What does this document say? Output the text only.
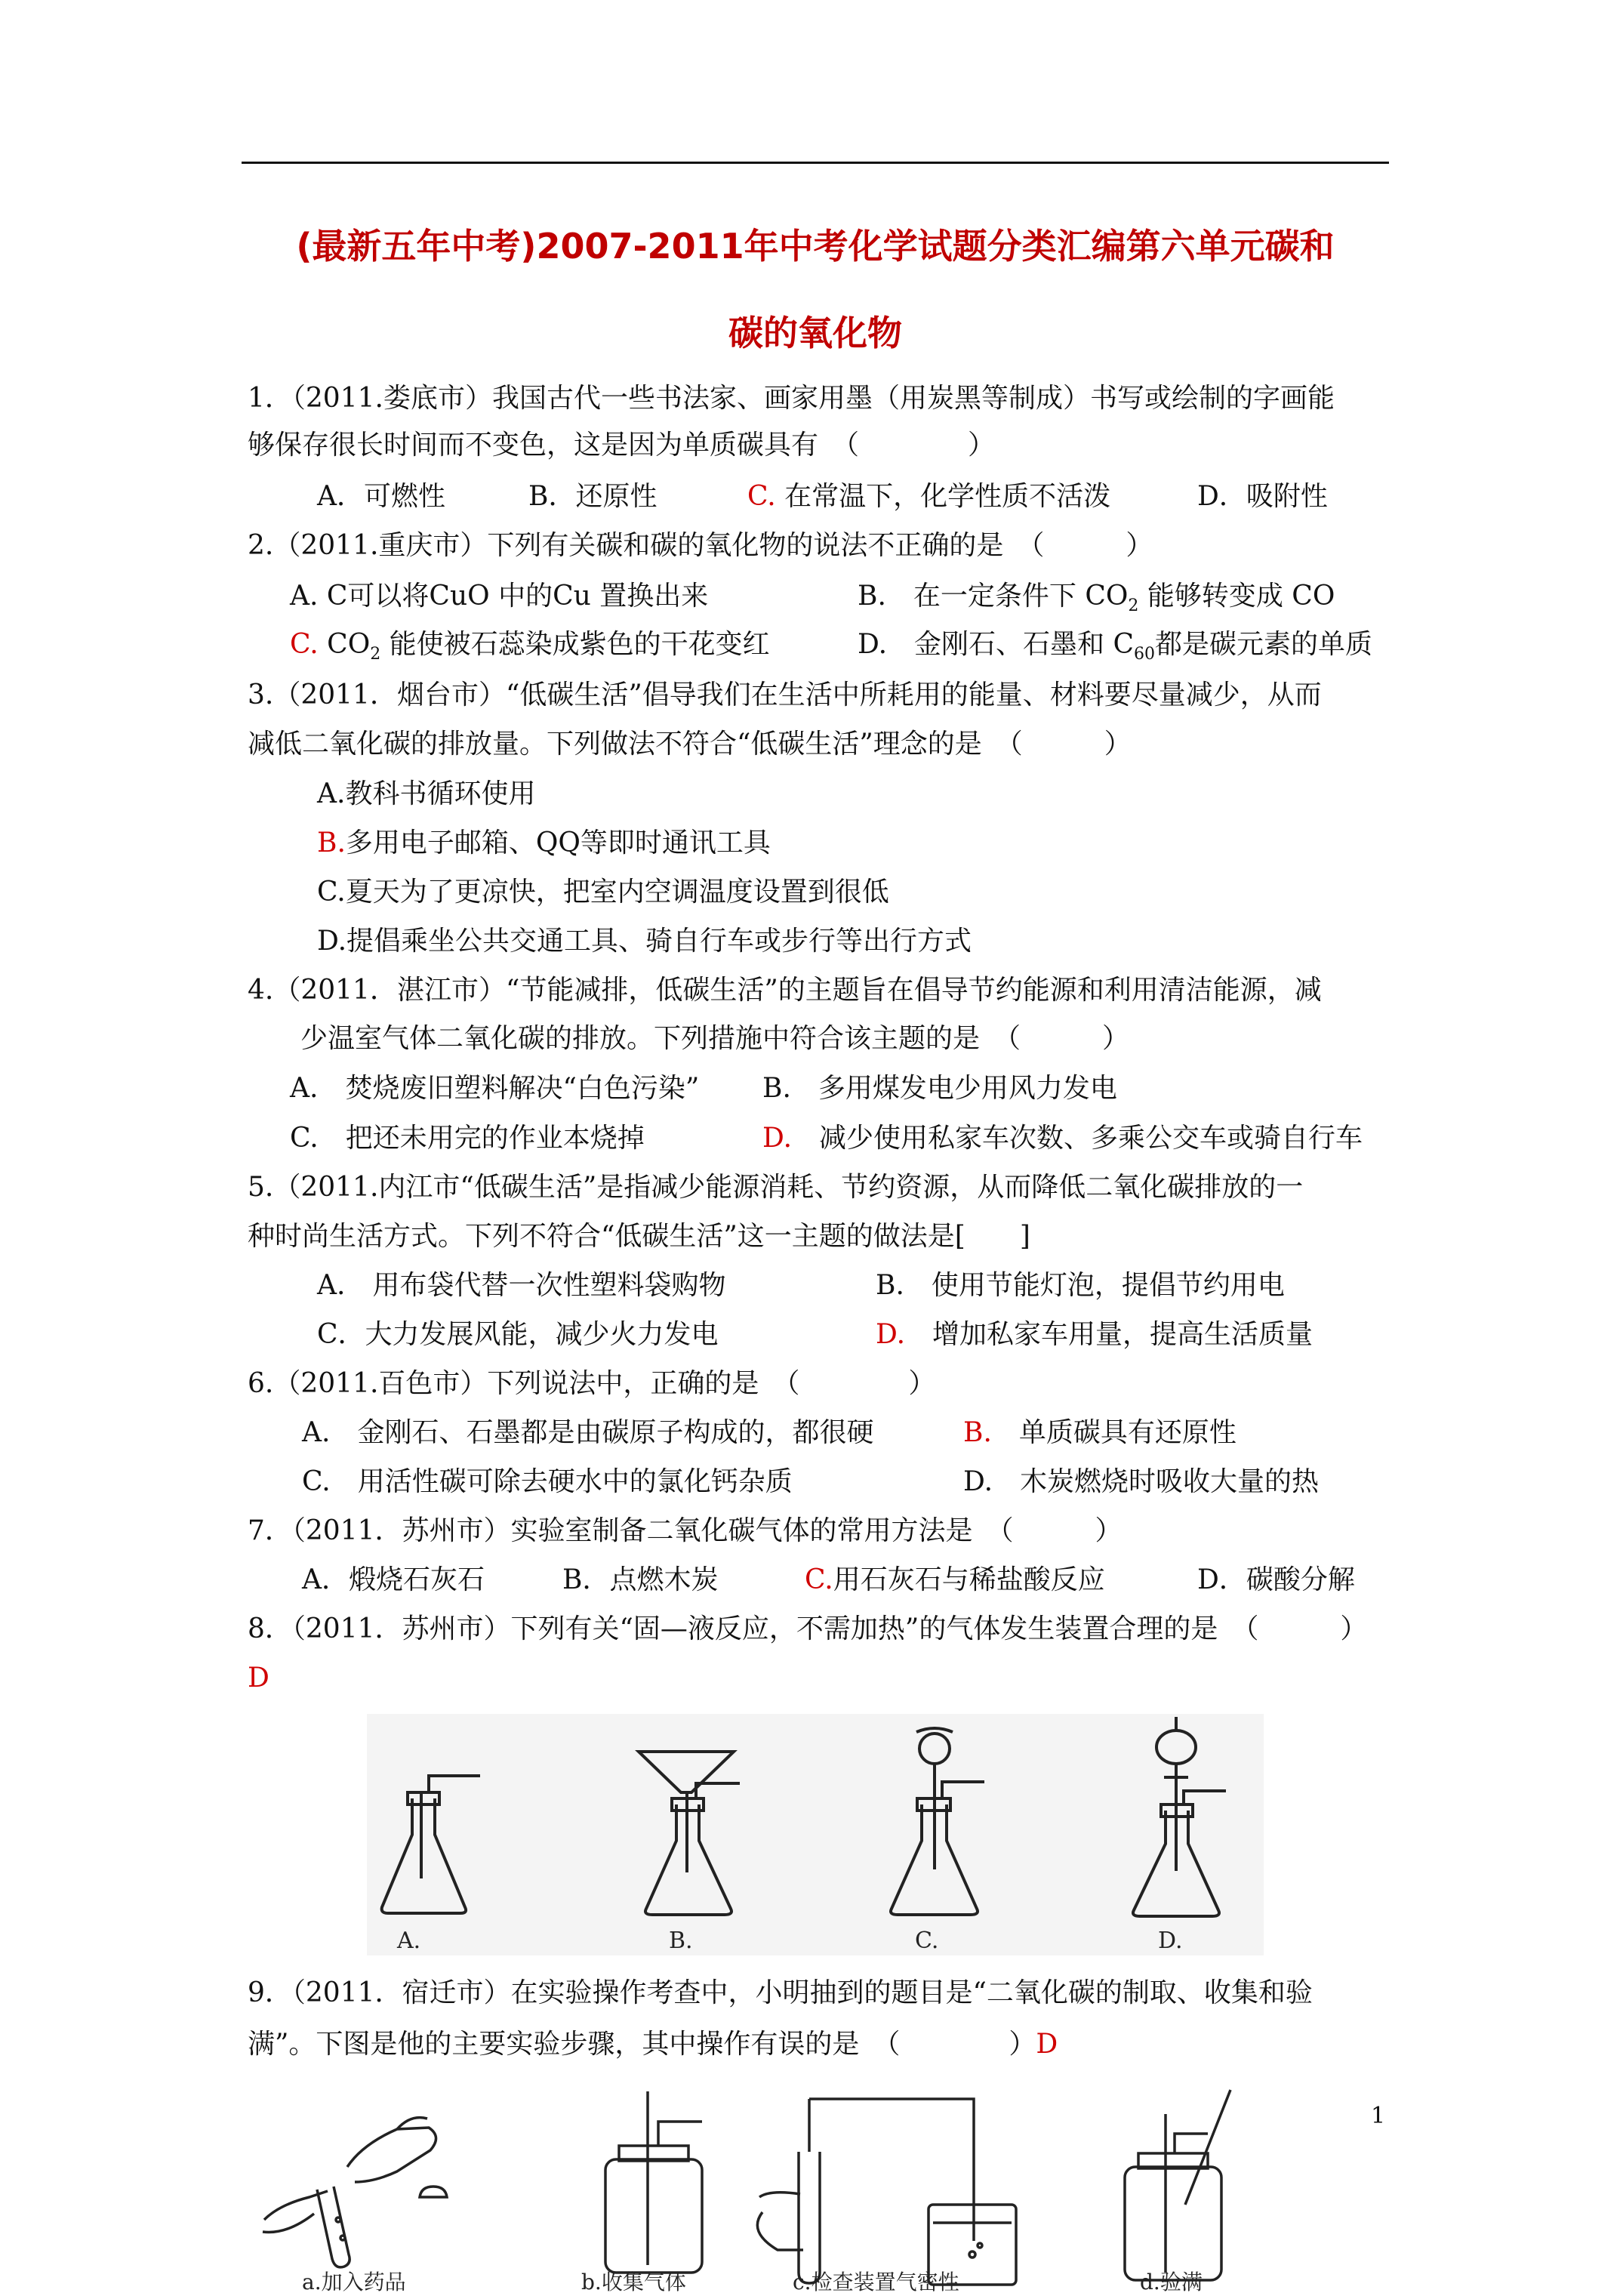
(最新五年中考)2007-2011年中考化学试题分类汇编第六单元碳和
碳的氧化物
1．（2011.娄底市）我国古代一些书法家、画家用墨（用炭黑等制成）书写或绘制的字画能
够保存很长时间而不变色，这是因为单质碳具有　（　　　　）
A．可燃性	B．还原性	C. 在常温下，化学性质不活泼	D．吸附性
2.（2011.重庆市）下列有关碳和碳的氧化物的说法不正确的是　（　　　）
A. C可以将CuO 中的Cu 置换出来	B.　在一定条件下 $CO_2$ 能够转变成 CO
C. $CO_2$ 能使被石蕊染成紫色的干花变红	D.　金刚石、石墨和 $C_{60}$都是碳元素的单质
3.（2011．烟台市）“低碳生活”倡导我们在生活中所耗用的能量、材料要尽量减少，从而
减低二氧化碳的排放量。下列做法不符合“低碳生活”理念的是　（　　　）
A.教科书循环使用
B.多用电子邮箱、QQ等即时通讯工具
C.夏天为了更凉快，把室内空调温度设置到很低
D.提倡乘坐公共交通工具、骑自行车或步行等出行方式
4.（2011．湛江市）“节能减排，低碳生活”的主题旨在倡导节约能源和利用清洁能源，减
少温室气体二氧化碳的排放。下列措施中符合该主题的是　（　　　）
A.　焚烧废旧塑料解决“白色污染” B.　多用煤发电少用风力发电
C.　把还未用完的作业本烧掉	D.　 减少使用私家车次数、多乘公交车或骑自行车
5.（2011.内江市“低碳生活”是指减少能源消耗、节约资源，从而降低二氧化碳排放的一
种时尚生活方式。下列不符合“低碳生活”这一主题的做法是[　　]
A.　用布袋代替一次性塑料袋购物	B.　使用节能灯泡，提倡节约用电
C．大力发展风能，减少火力发电	D.　 增加私家车用量，提高生活质量
6.（2011.百色市）下列说法中，正确的是　（　　　　）
A.　金刚石、石墨都是由碳原子构成的，都很硬	B.　 单质碳具有还原性
C.　用活性碳可除去硬水中的氯化钙杂质	D.　木炭燃烧时吸收大量的热
7．（2011．苏州市）实验室制备二氧化碳气体的常用方法是　（　　　）
A．煅烧石灰石	B．点燃木炭	C.用石灰石与稀盐酸反应	D．碳酸分解
8．（2011．苏州市）下列有关“固—液反应，不需加热”的气体发生装置合理的是　（　　　）
D
A.	B.	C.	D.
9．（2011．宿迁市）在实验操作考查中，小明抽到的题目是“二氧化碳的制取、收集和验
满”。下图是他的主要实验步骤，其中操作有误的是　（　　　　）D
a.加入药品	b.收集气体	c.检查装置气密性	d.验满
1
